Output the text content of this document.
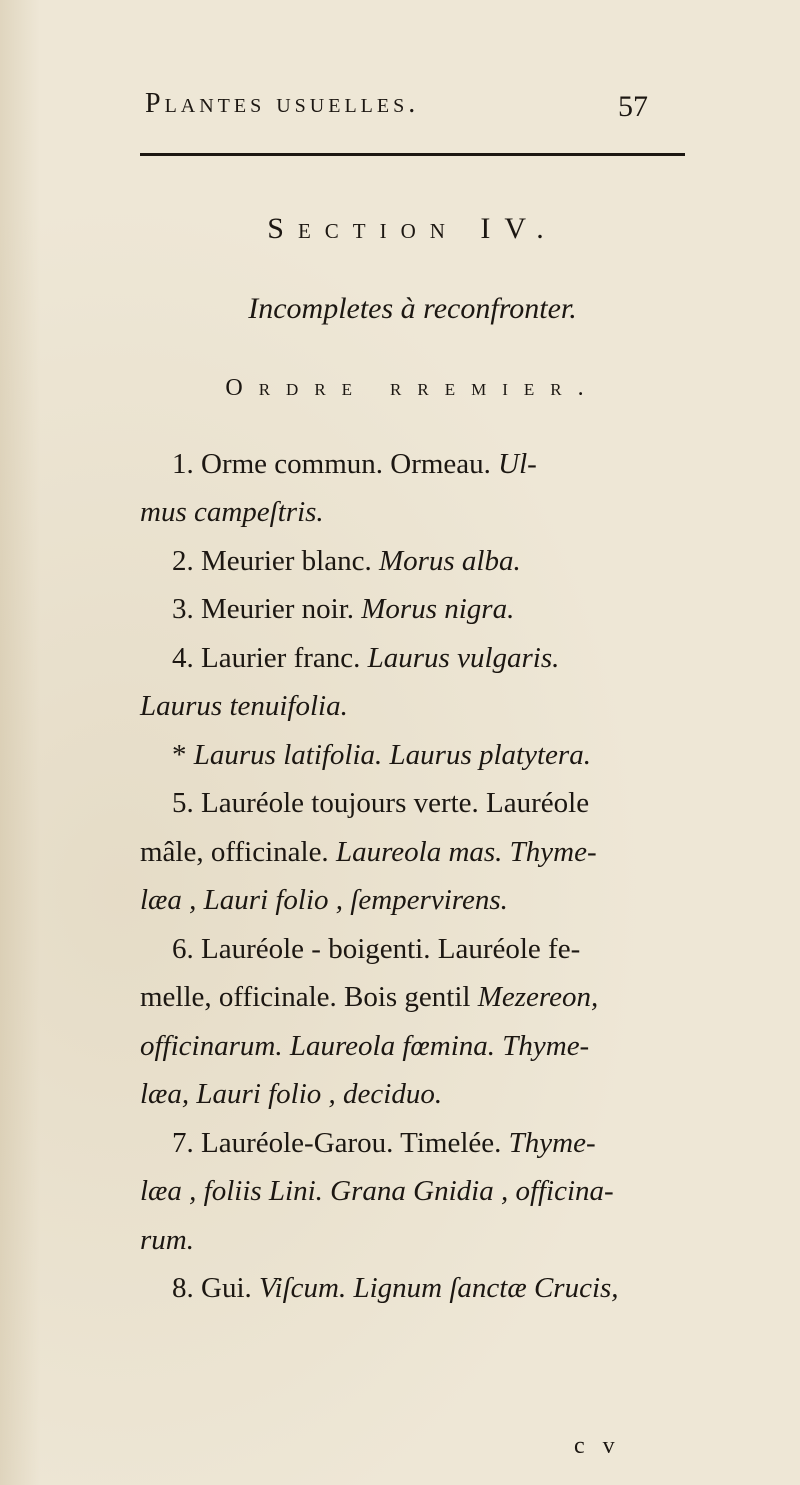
Plantes usuelles.	57
Section IV.
Incompletes à reconfronter.
Ordre rremier.
1. Orme commun. Ormeau. Ul-
mus campeſtris.
2. Meurier blanc. Morus alba.
3. Meurier noir. Morus nigra.
4. Laurier franc. Laurus vulgaris.
Laurus tenuifolia.
* Laurus latifolia. Laurus platytera.
5. Lauréole toujours verte. Lauréole
mâle, officinale. Laureola mas. Thyme-
læa , Lauri folio , ſempervirens.
6. Lauréole - boigenti. Lauréole fe-
melle, officinale. Bois gentil Mezereon,
officinarum. Laureola fœmina. Thyme-
læa, Lauri folio , deciduo.
7. Lauréole-Garou. Timelée. Thyme-
læa , foliis Lini. Grana Gnidia , officina-
rum.
8. Gui. Viſcum. Lignum ſanctæ Crucis,
c v
